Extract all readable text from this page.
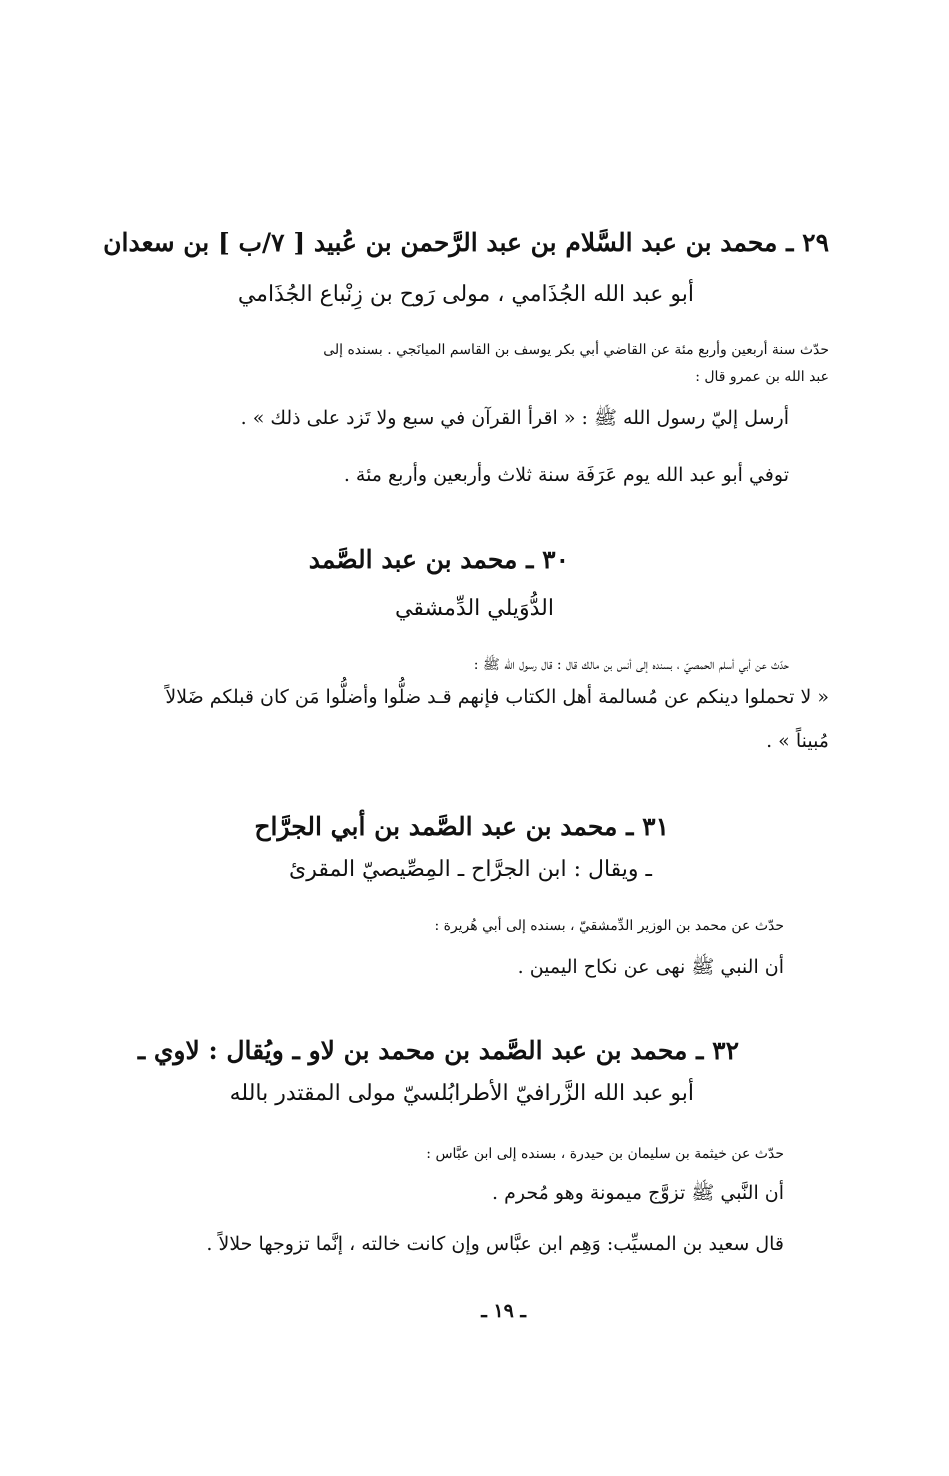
٢٩ ـ محمد بن عبد السَّلام بن عبد الرَّحمن بن عُبيد [ ٧/ب ] بن سعدان
أبو عبد الله الجُذَامي ، مولى رَوح بن زِنْباع الجُذَامي
حدّث سنة أربعين وأربع مئة عن القاضي أبي بكر يوسف بن القاسم الميانَجي . بسنده إلى
عبد الله بن عمرو قال :
أرسل إليّ رسول الله ﷺ : « اقرأ القرآن في سبع ولا تَزد على ذلك » .
توفي أبو عبد الله يوم عَرَفَة سنة ثلاث وأربعين وأربع مئة .
٣٠ ـ محمد بن عبد الصَّمد
الدُّوَيلي الدِّمشقي
حدّث عن أبي أسلم الحمصيّ ، بسنده إلى أنس بن مالك قال : قال رسول الله ﷺ :
« لا تحملوا دينكم عن مُسالمة أهل الكتاب فإنهم قـد ضلُّوا وأضلُّوا مَن كان قبلكم ضَلالاً
مُبيناً » .
٣١ ـ محمد بن عبد الصَّمد بن أبي الجرَّاح
ـ ويقال : ابن الجرَّاح ـ المِصِّيصيّ المقرئ
حدّث عن محمد بن الوزير الدِّمشقيّ ، بسنده إلى أبي هُريرة :
أن النبي ﷺ نهى عن نكاح اليمين .
٣٢ ـ محمد بن عبد الصَّمد بن محمد بن لاو ـ ويُقال : لاوي ـ
أبو عبد الله الزَّرافيّ الأطرابُلسيّ مولى المقتدر بالله
حدّث عن خيثمة بن سليمان بن حيدرة ، بسنده إلى ابن عبَّاس :
أن النَّبي ﷺ تزوَّج ميمونة وهو مُحرم .
قال سعيد بن المسيِّب: وَهِم ابن عبَّاس وإن كانت خالته ، إنَّما تزوجها حلالاً .
ـ ١٩ ـ
